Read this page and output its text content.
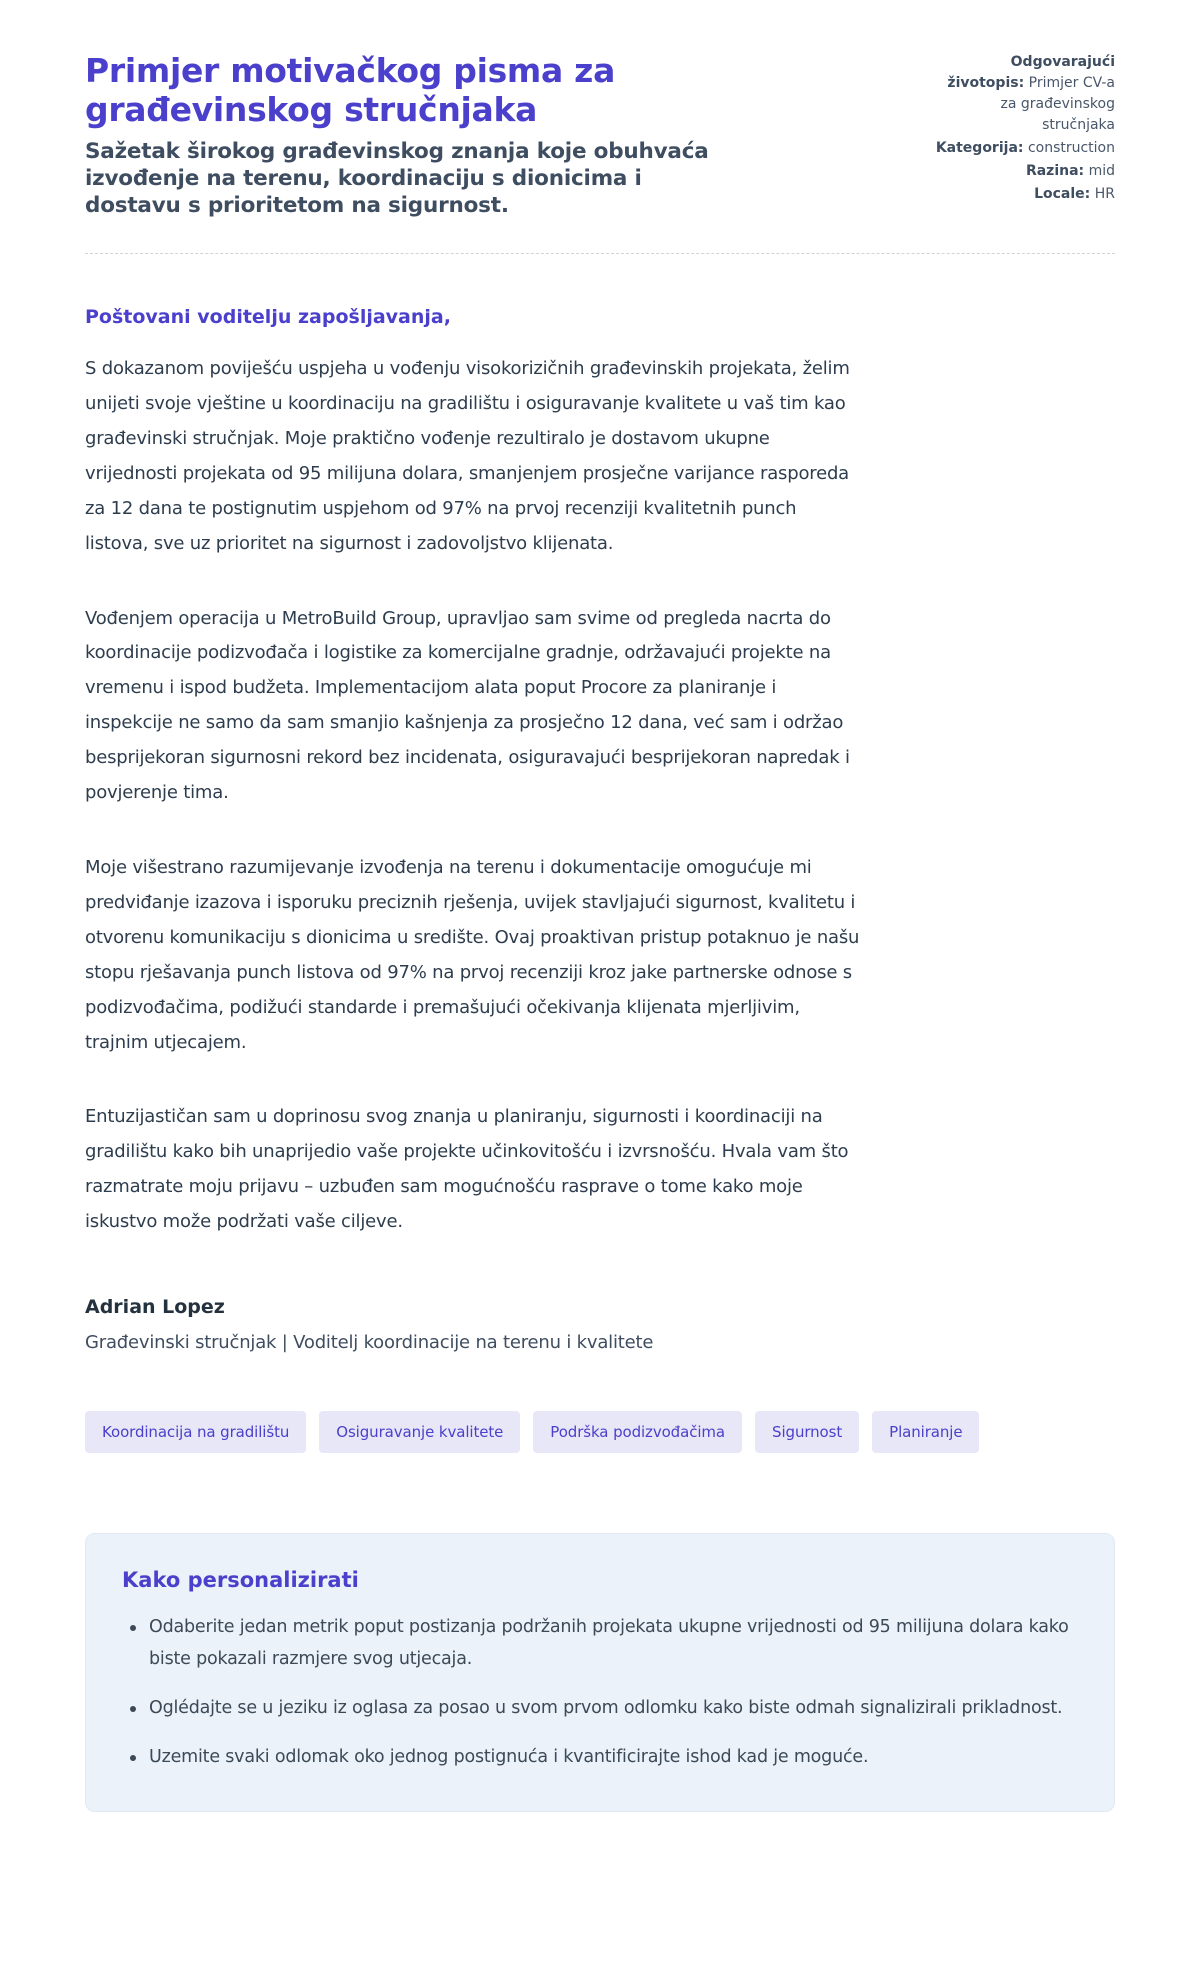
Primjer motivačkog pisma za građevinskog stručnjaka
Sažetak širokog građevinskog znanja koje obuhvaća izvođenje na terenu, koordinaciju s dionicima i dostavu s prioritetom na sigurnost.
Odgovarajući životopis: Primjer CV-a za građevinskog stručnjaka
Kategorija: construction
Razina: mid
Locale: HR
Poštovani voditelju zapošljavanja,

S dokazanom poviješću uspjeha u vođenju visokorizičnih građevinskih projekata, želim unijeti svoje vještine u koordinaciju na gradilištu i osiguravanje kvalitete u vaš tim kao građevinski stručnjak. Moje praktično vođenje rezultiralo je dostavom ukupne vrijednosti projekata od 95 milijuna dolara, smanjenjem prosječne varijance rasporeda za 12 dana te postignutim uspjehom od 97% na prvoj recenziji kvalitetnih punch listova, sve uz prioritet na sigurnost i zadovoljstvo klijenata.

Vođenjem operacija u MetroBuild Group, upravljao sam svime od pregleda nacrta do koordinacije podizvođača i logistike za komercijalne gradnje, održavajući projekte na vremenu i ispod budžeta. Implementacijom alata poput Procore za planiranje i inspekcije ne samo da sam smanjio kašnjenja za prosječno 12 dana, već sam i održao besprijekoran sigurnosni rekord bez incidenata, osiguravajući besprijekoran napredak i povjerenje tima.

Moje višestrano razumijevanje izvođenja na terenu i dokumentacije omogućuje mi predviđanje izazova i isporuku preciznih rješenja, uvijek stavljajući sigurnost, kvalitetu i otvorenu komunikaciju s dionicima u središte. Ovaj proaktivan pristup potaknuo je našu stopu rješavanja punch listova od 97% na prvoj recenziji kroz jake partnerske odnose s podizvođačima, podižući standarde i premašujući očekivanja klijenata mjerljivim, trajnim utjecajem.

Entuzijastičan sam u doprinosu svog znanja u planiranju, sigurnosti i koordinaciji na gradilištu kako bih unaprijedio vaše projekte učinkovitošću i izvrsnošću. Hvala vam što razmatrate moju prijavu – uzbuđen sam mogućnošću rasprave o tome kako moje iskustvo može podržati vaše ciljeve.

Adrian Lopez
Građevinski stručnjak | Voditelj koordinacije na terenu i kvalitete
Koordinacija na gradilištu	Osiguravanje kvalitete	Podrška podizvođačima	Sigurnost	Planiranje
Kako personalizirati
Odaberite jedan metrik poput postizanja podržanih projekata ukupne vrijednosti od 95 milijuna dolara kako biste pokazali razmjere svog utjecaja.
Oglédajte se u jeziku iz oglasa za posao u svom prvom odlomku kako biste odmah signalizirali prikladnost.
Uzemite svaki odlomak oko jednog postignuća i kvantificirajte ishod kad je moguće.
